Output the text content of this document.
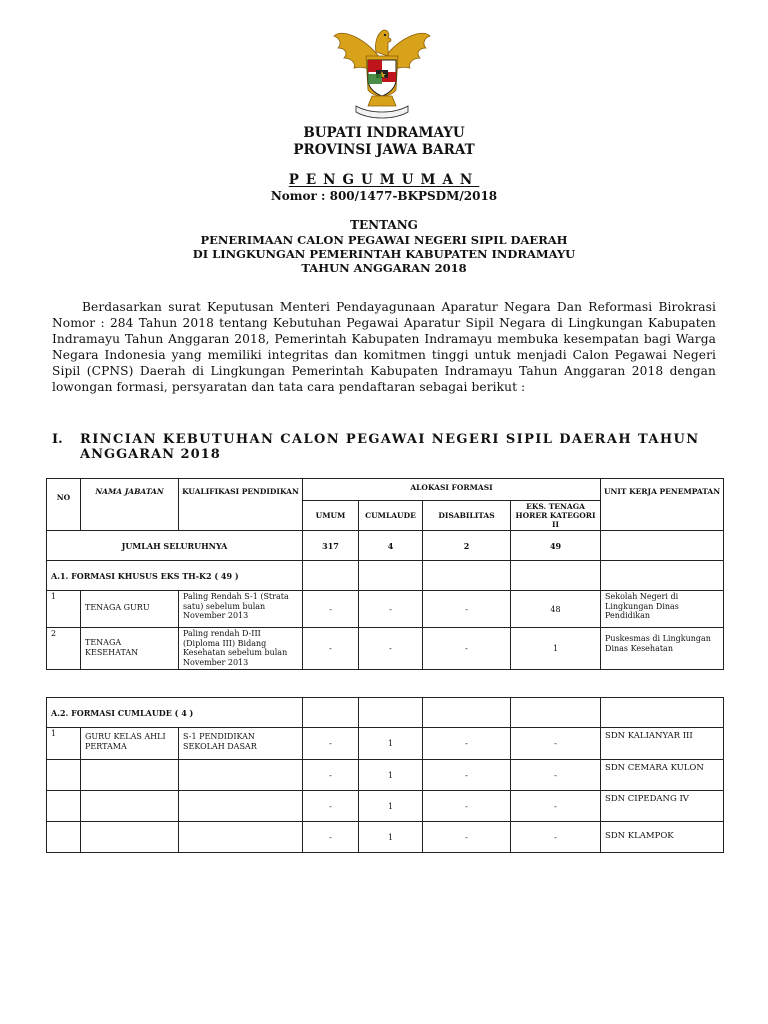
BUPATI INDRAMAYU
PROVINSI JAWA BARAT
PENGUMUMAN
Nomor : 800/1477-BKPSDM/2018
TENTANG
PENERIMAAN CALON PEGAWAI NEGERI SIPIL DAERAH
DI LINGKUNGAN PEMERINTAH KABUPATEN INDRAMAYU
TAHUN ANGGARAN 2018

Berdasarkan surat Keputusan Menteri Pendayagunaan Aparatur Negara Dan Reformasi Birokrasi Nomor : 284 Tahun 2018 tentang Kebutuhan Pegawai Aparatur Sipil Negara di Lingkungan Kabupaten Indramayu Tahun Anggaran 2018, Pemerintah Kabupaten Indramayu membuka kesempatan bagi Warga Negara Indonesia yang memiliki integritas dan komitmen tinggi untuk menjadi Calon Pegawai Negeri Sipil (CPNS) Daerah di Lingkungan Pemerintah Kabupaten Indramayu Tahun Anggaran 2018 dengan lowongan formasi, persyaratan dan tata cara pendaftaran sebagai berikut :

I. RINCIAN KEBUTUHAN CALON PEGAWAI NEGERI SIPIL DAERAH TAHUN
ANGGARAN 2018
NO	NAMA JABATAN	KUALIFIKASI PENDIDIKAN	ALOKASI FORMASI				UNIT KERJA PENEMPATAN
			UMUM	CUMLAUDE	DISABILITAS	EKS. TENAGA HORER KATEGORI II	
JUMLAH SELURUHNYA			317	4	2	49	
A.1. FORMASI KHUSUS EKS TH-K2 ( 49 )							
1	TENAGA GURU	Paling Rendah S-1 (Strata satu) sebelum bulan November 2013	-	-	-	48	Sekolah Negeri di Lingkungan Dinas Pendidikan
2	TENAGA KESEHATAN	Paling rendah D-III (Diploma III) Bidang Kesehatan sebelum bulan November 2013	-	-	-	1	Puskesmas di Lingkungan Dinas Kesehatan
A.2. FORMASI CUMLAUDE ( 4 )							
1	GURU KELAS AHLI PERTAMA	S-1 PENDIDIKAN SEKOLAH DASAR	-	1	-	-	SDN KALIANYAR III
			-	1	-	-	SDN CEMARA KULON
			-	1	-	-	SDN CIPEDANG IV
			-	1	-	-	SDN KLAMPOK
